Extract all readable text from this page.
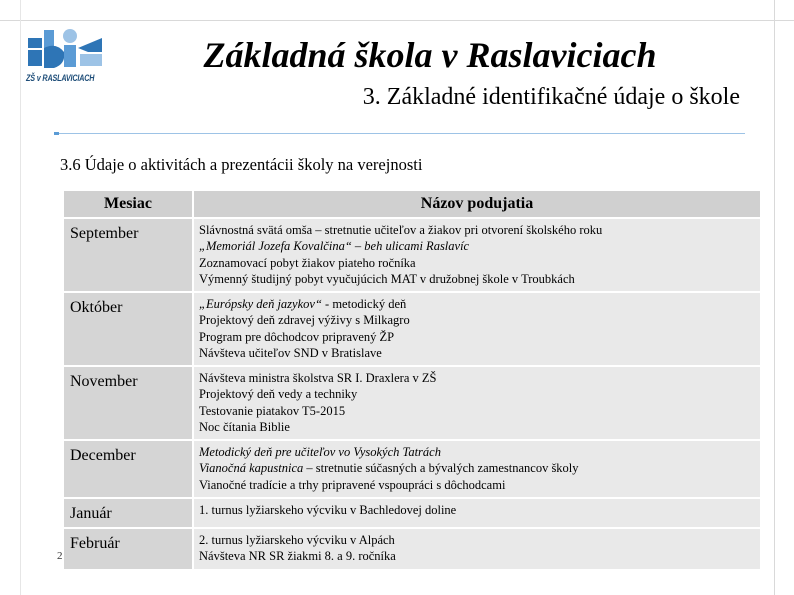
ZŠ v RASLAVICIACH
Základná škola v Raslaviciach
3. Základné identifikačné údaje o škole
3.6 Údaje o aktivitách a prezentácii školy na verejnosti
2
Mesiac	Názov podujatia
September	Slávnostná svätá omša – stretnutie učiteľov a žiakov pri otvorení školského roku
„Memoriál Jozefa Kovalčina“ – beh ulicami Raslavíc
Zoznamovací pobyt žiakov piateho ročníka
Výmenný študijný pobyt vyučujúcich MAT v družobnej škole v Troubkách

Október	„Európsky deň jazykov“ - metodický deň
Projektový deň zdravej výživy s Milkagro
Program pre dôchodcov pripravený ŽP
Návšteva učiteľov SND v Bratislave

November	Návšteva ministra školstva SR I. Draxlera v ZŠ
Projektový deň vedy a techniky
Testovanie piatakov T5-2015
Noc čítania Biblie

December	Metodický deň pre učiteľov vo Vysokých Tatrách
Vianočná kapustnica – stretnutie súčasných a bývalých zamestnancov školy
Vianočné tradície a trhy pripravené vspoupráci s dôchodcami

Január	1. turnus lyžiarskeho výcviku v Bachledovej doline

Február	2. turnus lyžiarskeho výcviku v Alpách
Návšteva NR SR žiakmi 8. a 9. ročníka
